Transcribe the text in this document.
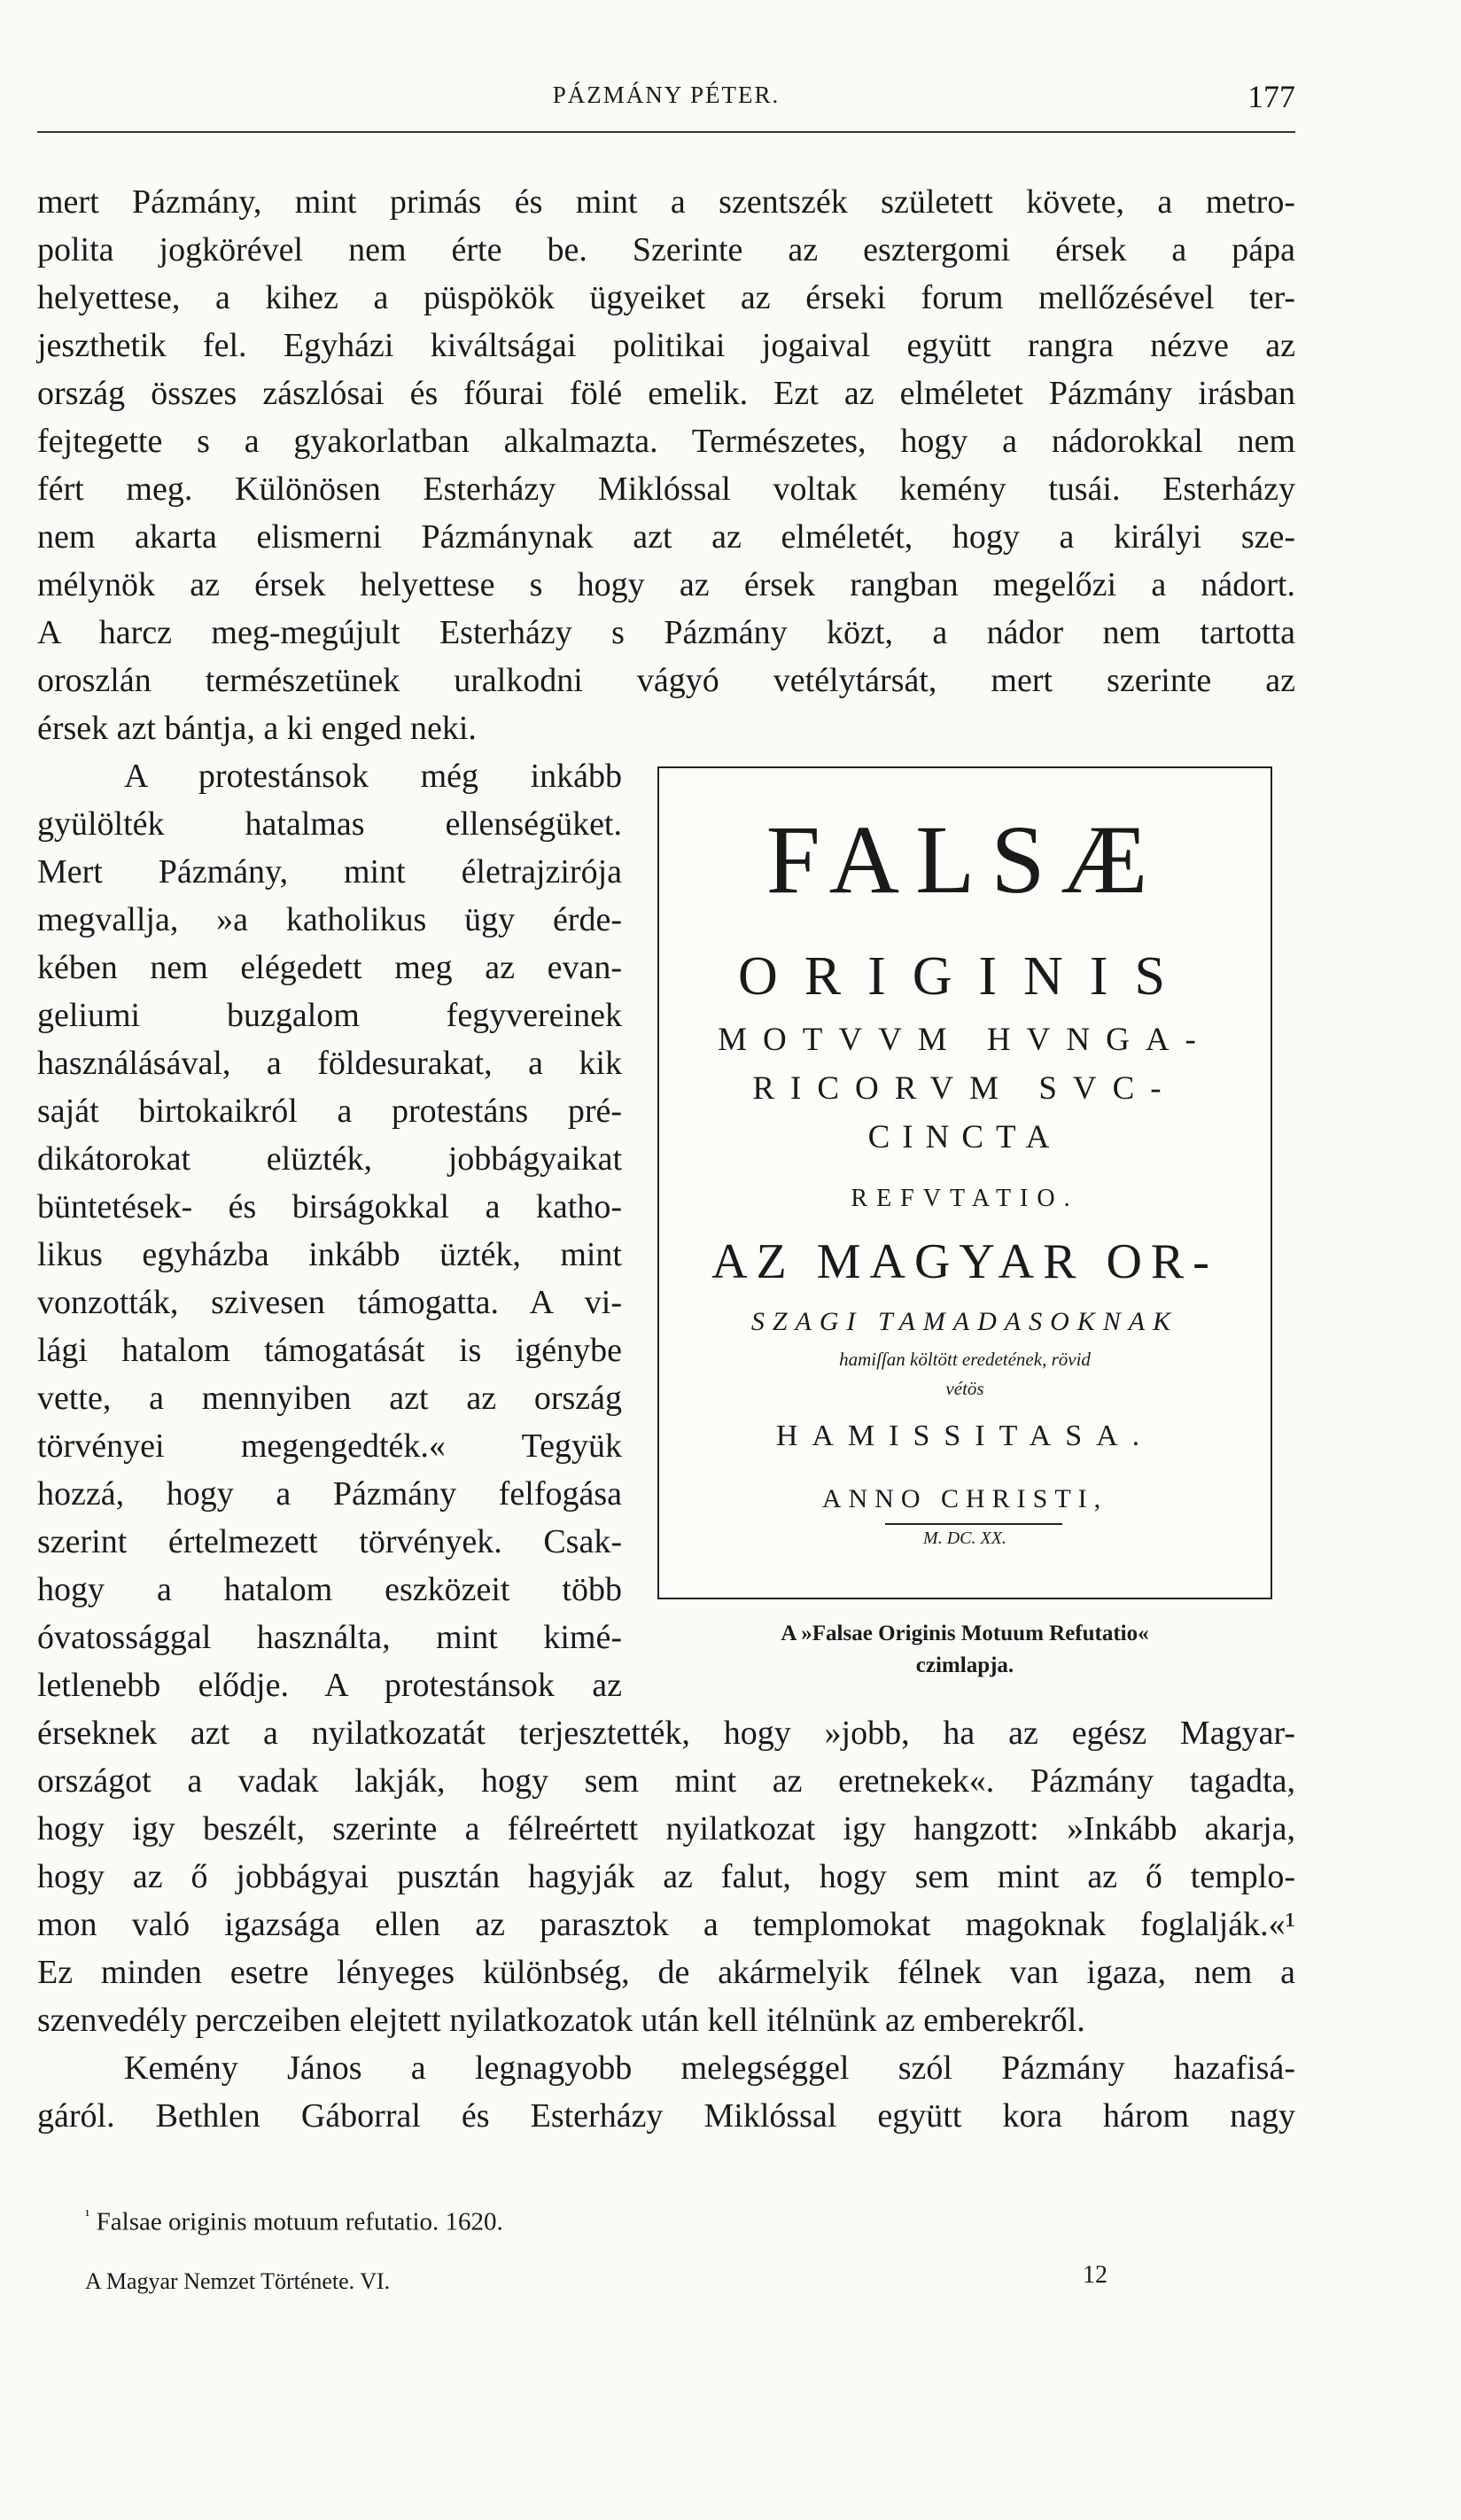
PÁZMÁNY PÉTER.	177
mert Pázmány, mint primás és mint a szentszék született követe, a metro-
polita jogkörével nem érte be. Szerinte az esztergomi érsek a pápa
helyettese, a kihez a püspökök ügyeiket az érseki forum mellőzésével ter-
jeszthetik fel. Egyházi kiváltságai politikai jogaival együtt rangra nézve az
ország összes zászlósai és főurai fölé emelik. Ezt az elméletet Pázmány irásban
fejtegette s a gyakorlatban alkalmazta. Természetes, hogy a nádorokkal nem
fért meg. Különösen Esterházy Miklóssal voltak kemény tusái. Esterházy
nem akarta elismerni Pázmánynak azt az elméletét, hogy a királyi sze-
mélynök az érsek helyettese s hogy az érsek rangban megelőzi a nádort.
A harcz meg-megújult Esterházy s Pázmány közt, a nádor nem tartotta
oroszlán természetünek uralkodni vágyó vetélytársát, mert szerinte az
érsek azt bántja, a ki enged neki.
A protestánsok még inkább
gyülölték hatalmas ellenségüket.
Mert Pázmány, mint életrajzirója
megvallja, »a katholikus ügy érde-
kében nem elégedett meg az evan-
geliumi buzgalom fegyvereinek
használásával, a földesurakat, a kik
saját birtokaikról a protestáns pré-
dikátorokat elüzték, jobbágyaikat
büntetések- és birságokkal a katho-
likus egyházba inkább üzték, mint
vonzották, szivesen támogatta. A vi-
lági hatalom támogatását is igénybe
vette, a mennyiben azt az ország
törvényei megengedték.« Tegyük
hozzá, hogy a Pázmány felfogása
szerint értelmezett törvények. Csak-
hogy a hatalom eszközeit több
óvatossággal használta, mint kimé-
letlenebb elődje. A protestánsok az
FALSÆ
ORIGINIS
MOTVVM HVNGA-
RICORVM SVC-
CINCTA
REFVTATIO.
AZ MAGYAR OR-
SZAGI TAMADASOKNAK
hamiſſan költött eredetének, rövid
vétös
HAMISSITASA.
ANNO CHRISTI,
M. DC. XX.
A »Falsae Originis Motuum Refutatio«
czimlapja.
érseknek azt a nyilatkozatát terjesztették, hogy »jobb, ha az egész Magyar-
országot a vadak lakják, hogy sem mint az eretnekek«. Pázmány tagadta,
hogy igy beszélt, szerinte a félreértett nyilatkozat igy hangzott: »Inkább akarja,
hogy az ő jobbágyai pusztán hagyják az falut, hogy sem mint az ő templo-
mon való igazsága ellen az parasztok a templomokat magoknak foglalják.«¹
Ez minden esetre lényeges különbség, de akármelyik félnek van igaza, nem a
szenvedély perczeiben elejtett nyilatkozatok után kell itélnünk az emberekről.
Kemény János a legnagyobb melegséggel szól Pázmány hazafisá-
gáról. Bethlen Gáborral és Esterházy Miklóssal együtt kora három nagy
$^{^1}$ Falsae originis motuum refutatio. 1620.
A Magyar Nemzet Története. VI.	12
